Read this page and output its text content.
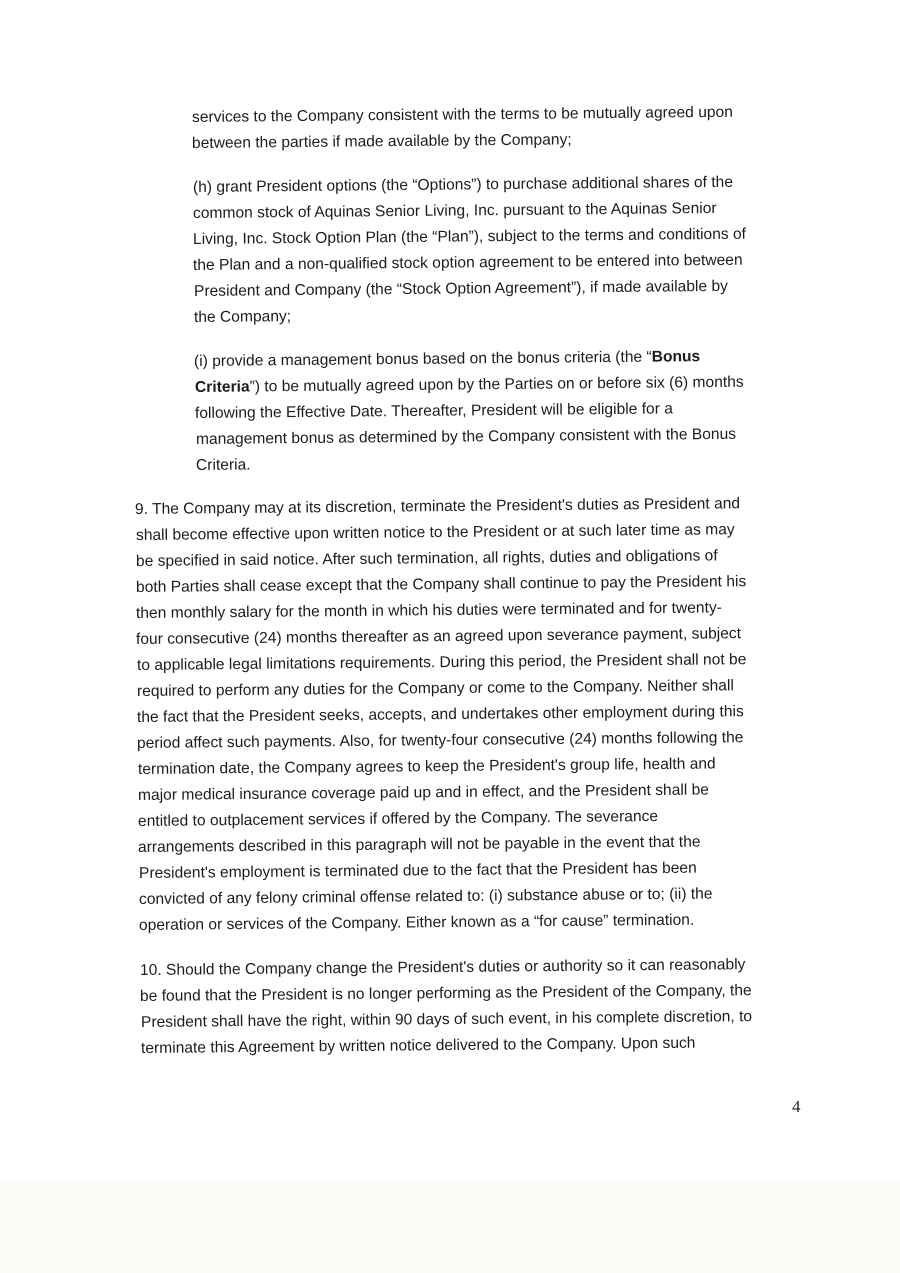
services to the Company consistent with the terms to be mutually agreed upon
between the parties if made available by the Company;
(h) grant President options (the “Options”) to purchase additional shares of the
common stock of Aquinas Senior Living, Inc. pursuant to the Aquinas Senior
Living, Inc. Stock Option Plan (the “Plan”), subject to the terms and conditions of
the Plan and a non-qualified stock option agreement to be entered into between
President and Company (the “Stock Option Agreement”), if made available by
the Company;
(i) provide a management bonus based on the bonus criteria (the “Bonus
Criteria”) to be mutually agreed upon by the Parties on or before six (6) months
following the Effective Date. Thereafter, President will be eligible for a
management bonus as determined by the Company consistent with the Bonus
Criteria.
9. The Company may at its discretion, terminate the President's duties as President and
shall become effective upon written notice to the President or at such later time as may
be specified in said notice. After such termination, all rights, duties and obligations of
both Parties shall cease except that the Company shall continue to pay the President his
then monthly salary for the month in which his duties were terminated and for twenty-
four consecutive (24) months thereafter as an agreed upon severance payment, subject
to applicable legal limitations requirements. During this period, the President shall not be
required to perform any duties for the Company or come to the Company. Neither shall
the fact that the President seeks, accepts, and undertakes other employment during this
period affect such payments. Also, for twenty-four consecutive (24) months following the
termination date, the Company agrees to keep the President's group life, health and
major medical insurance coverage paid up and in effect, and the President shall be
entitled to outplacement services if offered by the Company. The severance
arrangements described in this paragraph will not be payable in the event that the
President's employment is terminated due to the fact that the President has been
convicted of any felony criminal offense related to: (i) substance abuse or to; (ii) the
operation or services of the Company. Either known as a “for cause” termination.
10. Should the Company change the President's duties or authority so it can reasonably
be found that the President is no longer performing as the President of the Company, the
President shall have the right, within 90 days of such event, in his complete discretion, to
terminate this Agreement by written notice delivered to the Company. Upon such
4
